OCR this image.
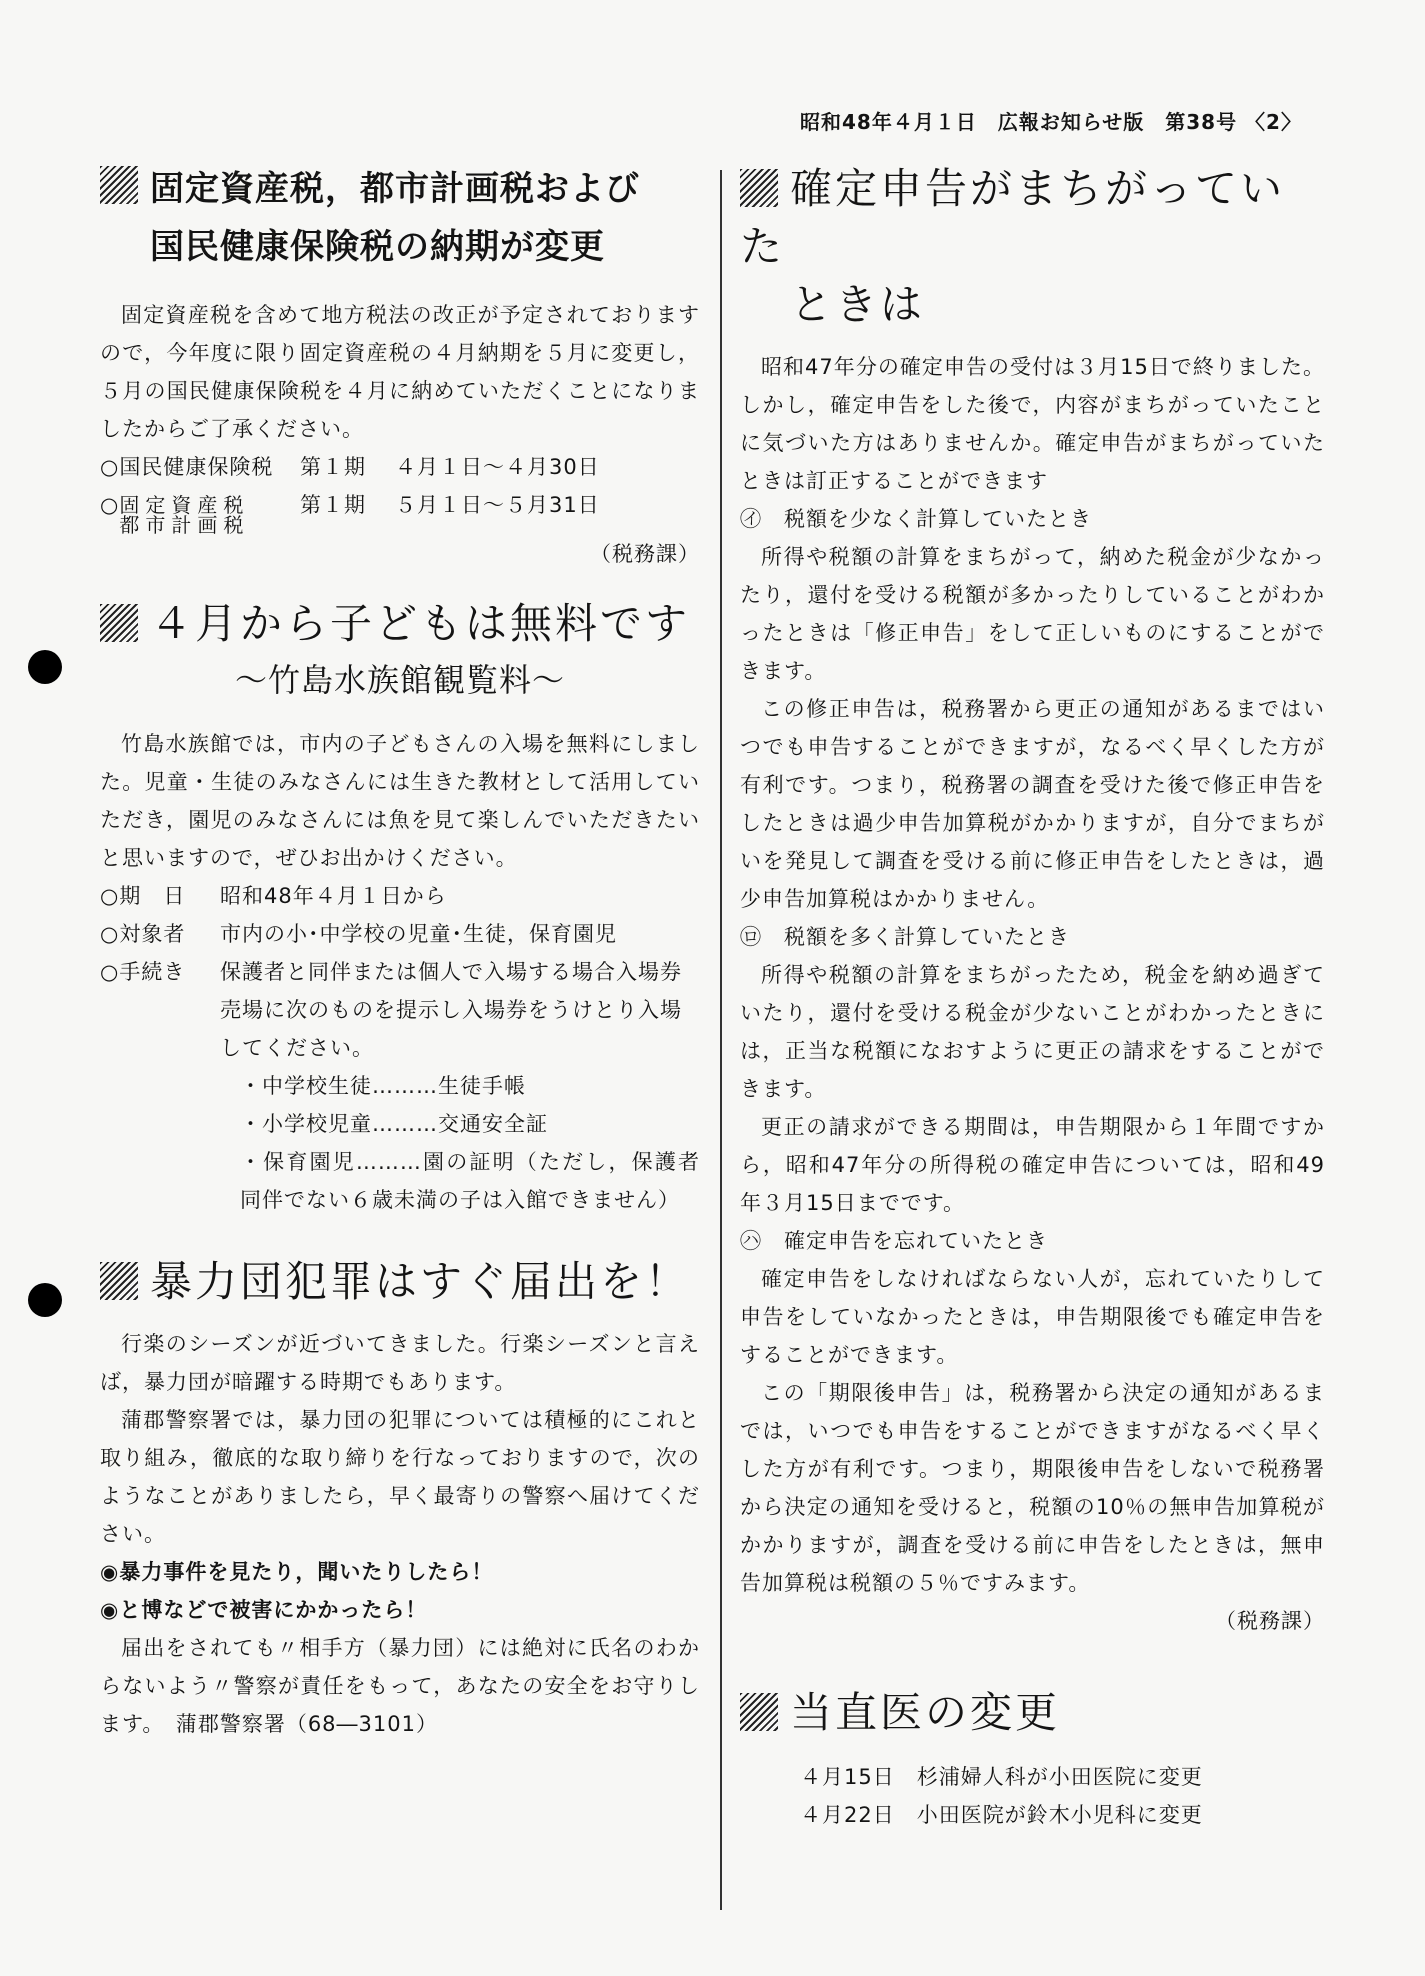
昭和48年４月１日　広報お知らせ版　第38号 〈2〉
固定資産税，都市計画税および
国民健康保険税の納期が変更

固定資産税を含めて地方税法の改正が予定されておりますので，今年度に限り固定資産税の４月納期を５月に変更し，５月の国民健康保険税を４月に納めていただくことになりましたからご了承ください。

○国民健康保険税	第１期	４月１日～４月30日
○ 固定資産税
都市計画税
第１期	５月１日～５月31日

（税務課）

４月から子どもは無料です
～竹島水族館観覧料～

竹島水族館では，市内の子どもさんの入場を無料にしました。児童・生徒のみなさんには生きた教材として活用していただき，園児のみなさんには魚を見て楽しんでいただきたいと思いますので，ぜひお出かけください。

○期　日	昭和48年４月１日から
○対象者	市内の小･中学校の児童･生徒，保育園児
○手続き	保護者と同伴または個人で入場する場合入場券売場に次のものを提示し入場券をうけとり入場してください。

・中学校生徒………生徒手帳

・小学校児童………交通安全証

・保育園児………園の証明（ただし，保護者同伴でない６歳未満の子は入館できません）

暴力団犯罪はすぐ届出を！

行楽のシーズンが近づいてきました。行楽シーズンと言えば，暴力団が暗躍する時期でもあります。

蒲郡警察署では，暴力団の犯罪については積極的にこれと取り組み，徹底的な取り締りを行なっておりますので，次のようなことがありましたら，早く最寄りの警察へ届けてください。

◉暴力事件を見たり，聞いたりしたら！

◉と博などで被害にかかったら！

届出をされても〃相手方（暴力団）には絶対に氏名のわからないよう〃警察が責任をもって，あなたの安全をお守りします。　蒲郡警察署（68―3101）

確定申告がまちがっていた
ときは

昭和47年分の確定申告の受付は３月15日で終りました。しかし，確定申告をした後で，内容がまちがっていたことに気づいた方はありませんか。確定申告がまちがっていたときは訂正することができます

㋑　税額を少なく計算していたとき

所得や税額の計算をまちがって，納めた税金が少なかったり，還付を受ける税額が多かったりしていることがわかったときは「修正申告」をして正しいものにすることができます。

この修正申告は，税務署から更正の通知があるまではいつでも申告することができますが，なるべく早くした方が有利です。つまり，税務署の調査を受けた後で修正申告をしたときは過少申告加算税がかかりますが，自分でまちがいを発見して調査を受ける前に修正申告をしたときは，過少申告加算税はかかりません。

㋺　税額を多く計算していたとき

所得や税額の計算をまちがったため，税金を納め過ぎていたり，還付を受ける税金が少ないことがわかったときには，正当な税額になおすように更正の請求をすることができます。

更正の請求ができる期間は，申告期限から１年間ですから，昭和47年分の所得税の確定申告については，昭和49年３月15日までです。

㋩　確定申告を忘れていたとき

確定申告をしなければならない人が，忘れていたりして申告をしていなかったときは，申告期限後でも確定申告をすることができます。

この「期限後申告」は，税務署から決定の通知があるまでは，いつでも申告をすることができますがなるべく早くした方が有利です。つまり，期限後申告をしないで税務署から決定の通知を受けると，税額の10％の無申告加算税がかかりますが，調査を受ける前に申告をしたときは，無申告加算税は税額の５％ですみます。

（税務課）

当直医の変更
４月15日　 杉浦婦人科が小田医院に変更
４月22日　 小田医院が鈴木小児科に変更
